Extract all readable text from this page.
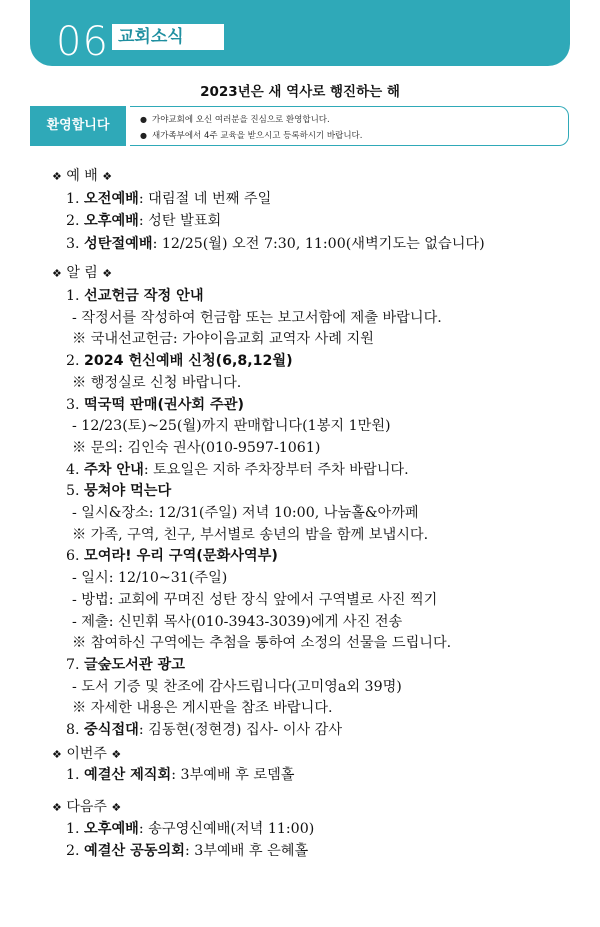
06 교회소식
2023년은 새 역사로 행진하는 해
환영합니다	● 가야교회에 오신 여러분을 진심으로 환영합니다.
● 새가족부에서 4주 교육을 받으시고 등록하시기 바랍니다.
❖ 예 배 ❖
1. 오전예배: 대림절 네 번째 주일
2. 오후예배: 성탄 발표회
3. 성탄절예배: 12/25(월) 오전 7:30, 11:00(새벽기도는 없습니다)
❖ 알 림 ❖
1. 선교헌금 작정 안내
- 작정서를 작성하여 헌금함 또는 보고서함에 제출 바랍니다.
※ 국내선교헌금: 가야이음교회 교역자 사례 지원
2. 2024 헌신예배 신청(6,8,12월)
※ 행정실로 신청 바랍니다.
3. 떡국떡 판매(권사회 주관)
- 12/23(토)~25(월)까지 판매합니다(1봉지 1만원)
※ 문의: 김인숙 권사(010-9597-1061)
4. 주차 안내: 토요일은 지하 주차장부터 주차 바랍니다.
5. 뭉쳐야 먹는다
- 일시&장소: 12/31(주일) 저녁 10:00, 나눔홀&아까페
※ 가족, 구역, 친구, 부서별로 송년의 밤을 함께 보냅시다.
6. 모여라! 우리 구역(문화사역부)
- 일시: 12/10~31(주일)
- 방법: 교회에 꾸며진 성탄 장식 앞에서 구역별로 사진 찍기
- 제출: 신민휘 목사(010-3943-3039)에게 사진 전송
※ 참여하신 구역에는 추첨을 통하여 소정의 선물을 드립니다.
7. 글숲도서관 광고
- 도서 기증 및 찬조에 감사드립니다(고미영a외 39명)
※ 자세한 내용은 게시판을 참조 바랍니다.
8. 중식접대: 김동현(정현경) 집사- 이사 감사
❖ 이번주 ❖
1. 예결산 제직회: 3부예배 후 로뎀홀
❖ 다음주 ❖
1. 오후예배: 송구영신예배(저녁 11:00)
2. 예결산 공동의회: 3부예배 후 은혜홀
